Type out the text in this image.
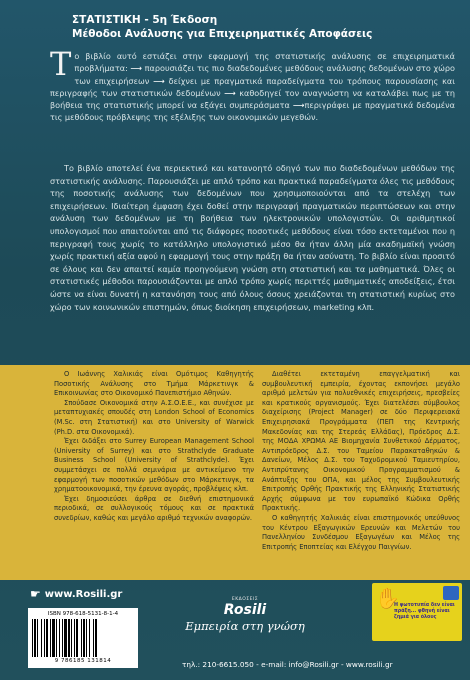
ΣΤΑΤΙΣΤΙΚΗ - 5η Έκδοση
Μέθοδοι Ανάλυσης για Επιχειρηματικές Αποφάσεις
Το βιβλίο αυτό εστιάζει στην εφαρμογή της στατιστικής ανάλυσης σε επιχειρηματικά προβλήματα: ⟶ παρουσιάζει τις πιο διαδεδομένες μεθόδους ανάλυσης δεδομένων στο χώρο των επιχειρήσεων ⟶ δείχνει με πραγματικά παραδείγματα του τρόπους παρουσίασης και περιγραφής των στατιστικών δεδομένων ⟶ καθοδηγεί τον αναγνώστη να καταλάβει πως με τη βοήθεια της στατιστικής μπορεί να εξάγει συμπεράσματα ⟶περιγράφει με πραγματικά δεδομένα τις μεθόδους πρόβλεψης της εξέλιξης των οικονομικών μεγεθών.

Το βιβλίο αποτελεί ένα περιεκτικό και κατανοητό οδηγό των πιο διαδεδομένων μεθόδων της στατιστικής ανάλυσης. Παρουσιάζει με απλό τρόπο και πρακτικά παραδείγματα όλες τις μεθόδους της ποσοτικής ανάλυσης των δεδομένων που χρησιμοποιούνται από τα στελέχη των επιχειρήσεων. Ιδιαίτερη έμφαση έχει δοθεί στην περιγραφή πραγματικών περιπτώσεων και στην ανάλυση των δεδομένων με τη βοήθεια των ηλεκτρονικών υπολογιστών. Οι αριθμητικοί υπολογισμοί που απαιτούνται από τις διάφορες ποσοτικές μεθόδους είναι τόσο εκτεταμένοι που η περιγραφή τους χωρίς το κατάλληλο υπολογιστικό μέσο θα ήταν άλλη μία ακαδημαϊκή γνώση χωρίς πρακτική αξία αφού η εφαρμογή τους στην πράξη θα ήταν ασύνατη. Το βιβλίο είναι προσιτό σε όλους και δεν απαιτεί καμία προηγούμενη γνώση στη στατιστική και τα μαθηματικά. Όλες οι στατιστικές μέθοδοι παρουσιάζονται με απλό τρόπο χωρίς περιττές μαθηματικές αποδείξεις, έτσι ώστε να είναι δυνατή η κατανόηση τους από όλους όσους χρειάζονται τη στατιστική κυρίως στο χώρο των κοινωνικών επιστημών, όπως διοίκηση επιχειρήσεων, marketing κλπ.

Ο Ιωάννης Χαλικιάς είναι Ομότιμος Καθηγητής Ποσοτικής Ανάλυσης στο Τμήμα Μάρκετινγκ & Επικοινωνίας στο Οικονομικό Πανεπιστήμιο Αθηνών.

Σπούδασε Οικονομικά στην Α.Σ.Ο.Ε.Ε., και συνέχισε με μεταπτυχιακές σπουδές στη London School of Economics (M.Sc. στη Στατιστική) και στο University of Warwick (Ph.D. στα Οικονομικά).

Έχει διδάξει στο Surrey European Management School (University of Surrey) και στο Strathclyde Graduate Business School (University of Strathclyde). Έχει συμμετάσχει σε πολλά σεμινάρια με αντικείμενο την εφαρμογή των ποσοτικών μεθόδων στο Μάρκετινγκ, τα χρηματοοικονομικά, την έρευνα αγοράς, προβλέψεις κλπ.

Έχει δημοσιεύσει άρθρα σε διεθνή επιστημονικά περιοδικά, σε συλλογικούς τόμους και σε πρακτικά συνεδρίων, καθώς και μεγάλο αριθμό τεχνικών αναφορών.

Διαθέτει εκτεταμένη επαγγελματική και συμβουλευτική εμπειρία, έχοντας εκπονήσει μεγάλο αριθμό μελετών για πολυεθνικές επιχειρήσεις, πρεσβείες και κρατικούς οργανισμούς. Έχει διατελέσει σύμβουλος διαχείρισης (Project Manager) σε δύο Περιφερειακά Επιχειρησιακά Προγράμματα (ΠΕΠ της Κεντρικής Μακεδονίας και της Στερεάς Ελλάδας), Πρόεδρος Δ.Σ. της ΜΟΔΑ ΧΡΩΜΑ ΑΕ Βιομηχανία Συνθετικού Δέρματος, Αντιπρόεδρος Δ.Σ. του Ταμείου Παρακαταθηκών & Δανείων, Μέλος Δ.Σ. του Ταχυδρομικού Ταμιευτηρίου, Αντιπρύτανης Οικονομικού Προγραμματισμού & Ανάπτυξης του ΟΠΑ, και μέλος της Συμβουλευτικής Επιτροπής Ορθής Πρακτικής της Ελληνικής Στατιστικής Αρχής σύμφωνα με τον ευρωπαϊκό Κώδικα Ορθής Πρακτικής.

Ο καθηγητής Χαλικιάς είναι επιστημονικός υπεύθυνος του Κέντρου Εξαγωγικών Ερευνών και Μελετών του Πανελληνίου Συνδέσμου Εξαγωγέων και Μέλος της Επιτροπής Εποπτείας και Ελέγχου Παιγνίων.

☛ www.Rosili.gr
ISBN 978-618-5131-8-1-4
9 786185 131814
ΕΚΔΟΣΕΙΣ
Rosili
Εμπειρία στη γνώση
τηλ.: 210-6615.050 - e-mail: info@Rosili.gr - www.rosili.gr
✋
Η φωτοτυπία δεν είναι πράξη... φθηνή είναι ζημιά για όλους
